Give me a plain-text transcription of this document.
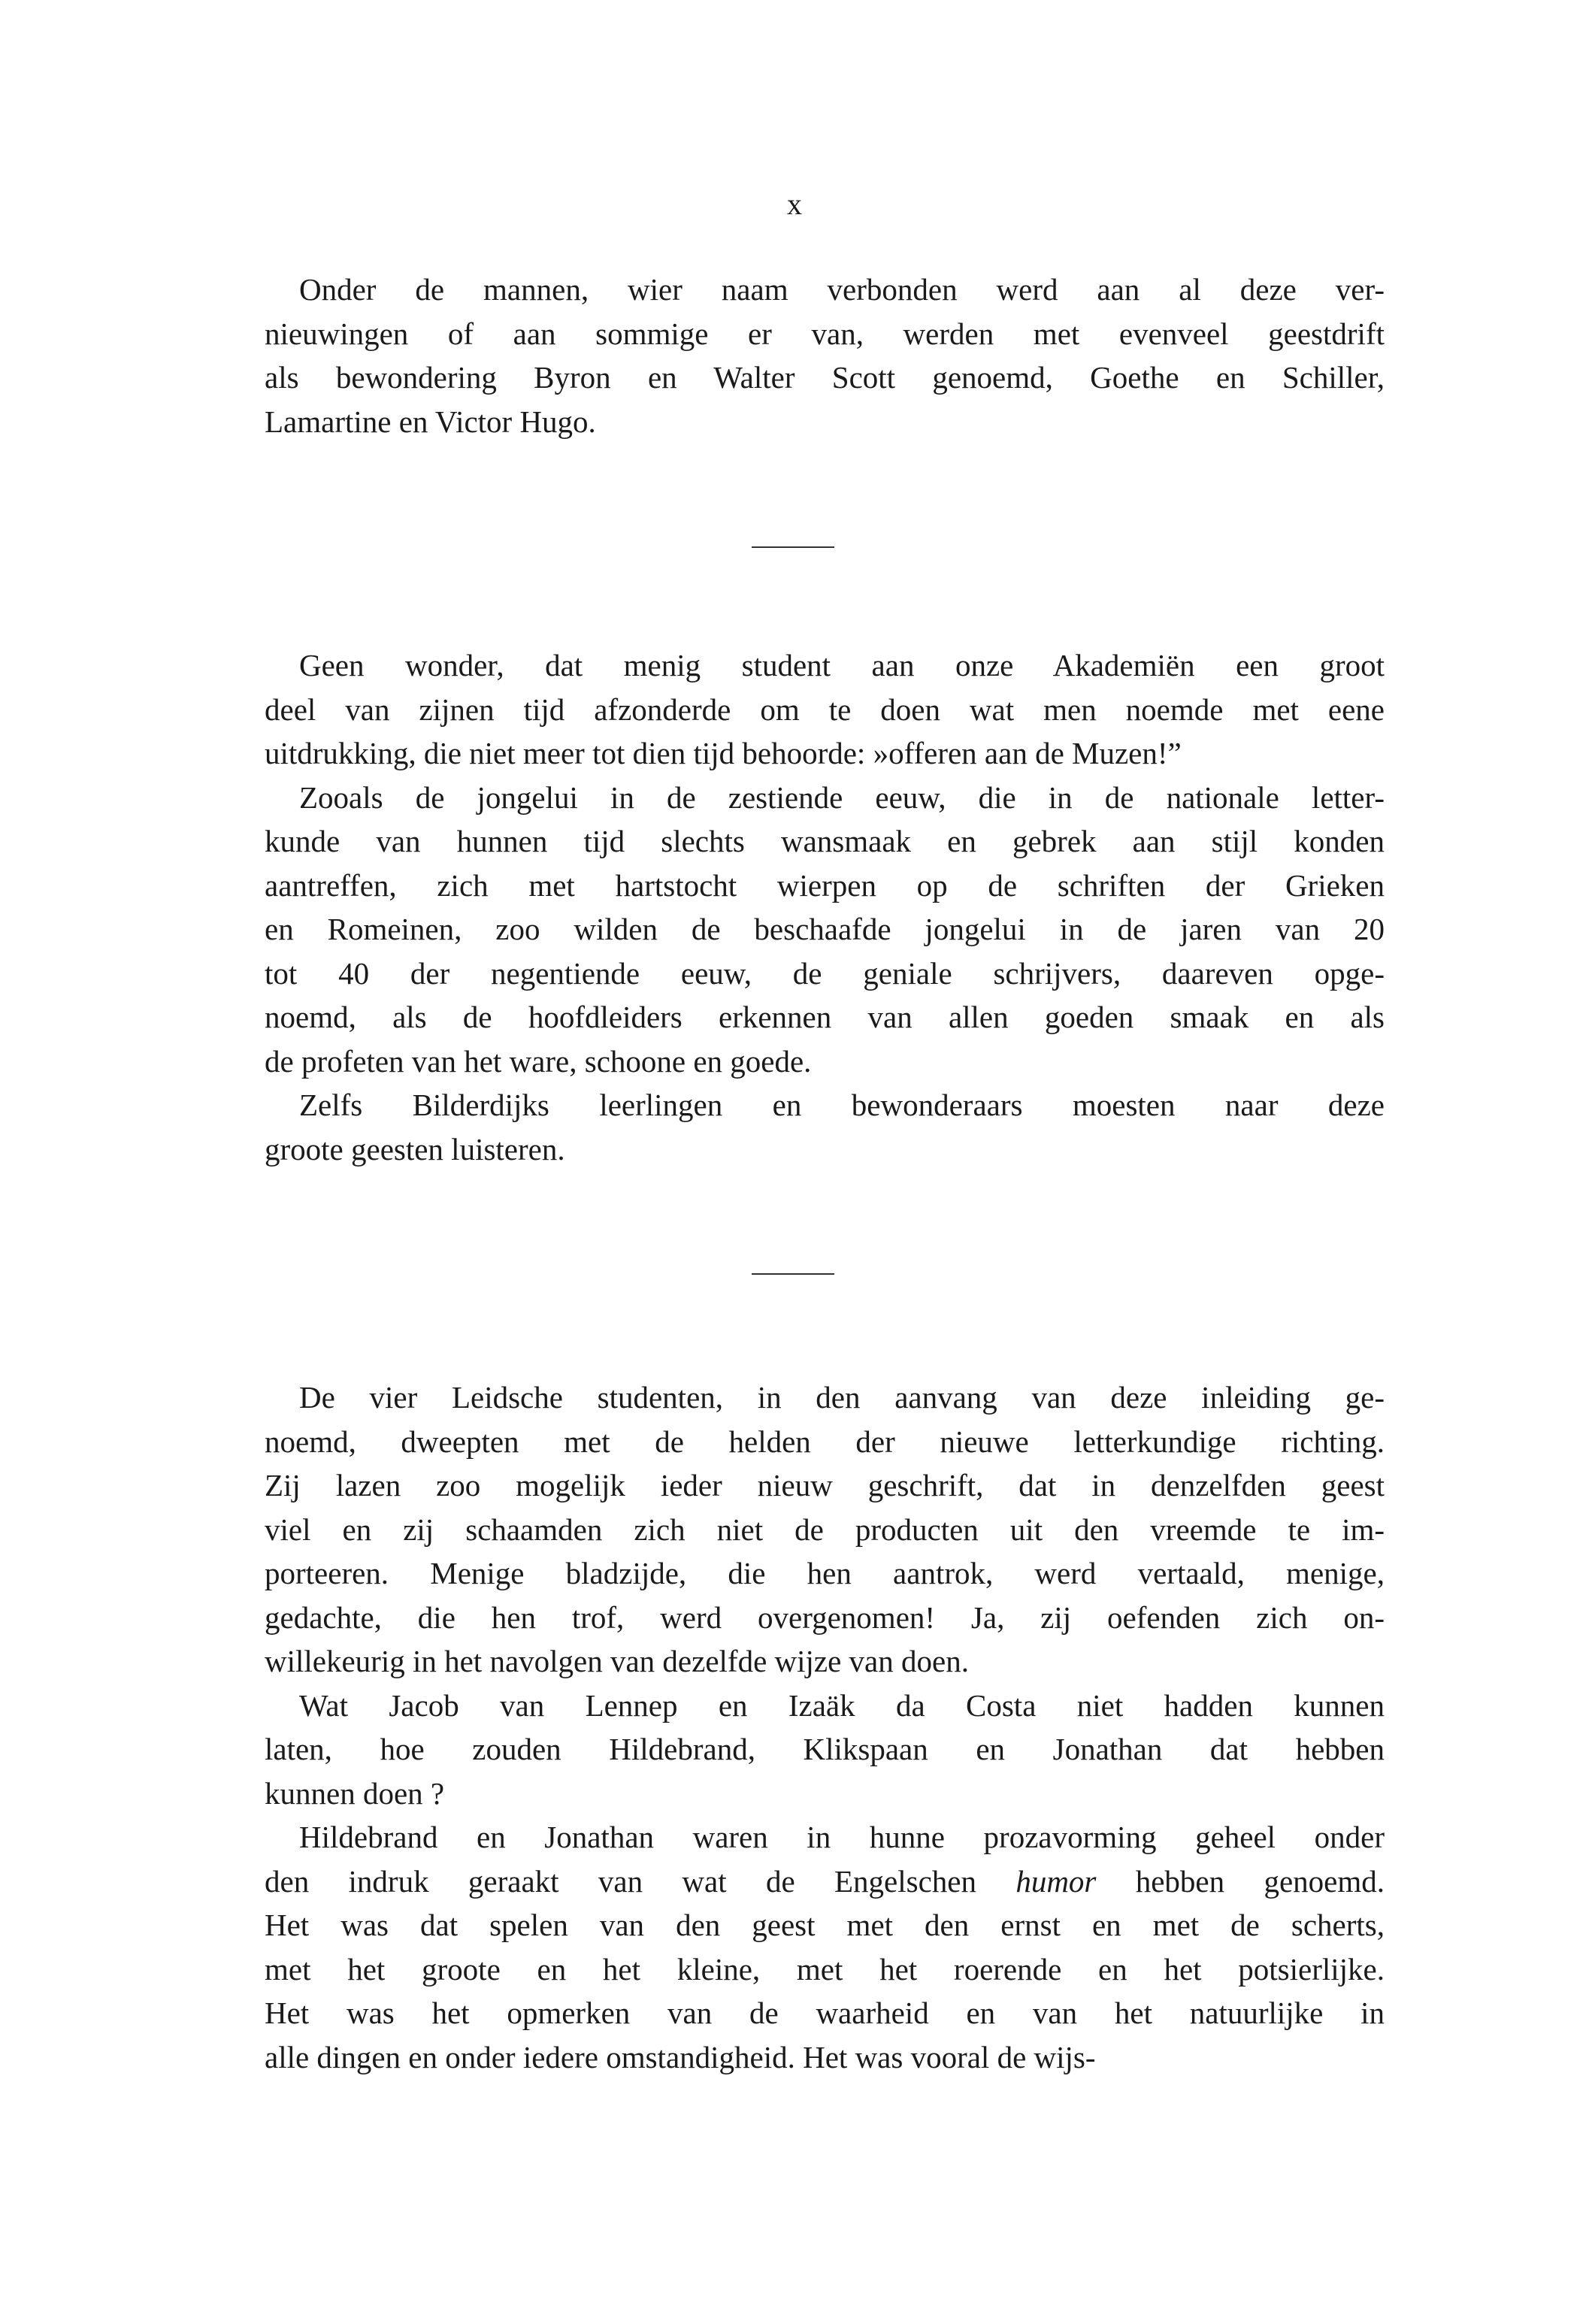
x
Onder de mannen, wier naam verbonden werd aan al deze ver-
nieuwingen of aan sommige er van, werden met evenveel geestdrift
als bewondering Byron en Walter Scott genoemd, Goethe en Schiller,
Lamartine en Victor Hugo.
Geen wonder, dat menig student aan onze Akademiën een groot
deel van zijnen tijd afzonderde om te doen wat men noemde met eene
uitdrukking, die niet meer tot dien tijd behoorde: »offeren aan de Muzen!”
Zooals de jongelui in de zestiende eeuw, die in de nationale letter-
kunde van hunnen tijd slechts wansmaak en gebrek aan stijl konden
aantreffen, zich met hartstocht wierpen op de schriften der Grieken
en Romeinen, zoo wilden de beschaafde jongelui in de jaren van 20
tot 40 der negentiende eeuw, de geniale schrijvers, daareven opge-
noemd, als de hoofdleiders erkennen van allen goeden smaak en als
de profeten van het ware, schoone en goede.
Zelfs Bilderdijks leerlingen en bewonderaars moesten naar deze
groote geesten luisteren.
De vier Leidsche studenten, in den aanvang van deze inleiding ge-
noemd, dweepten met de helden der nieuwe letterkundige richting.
Zij lazen zoo mogelijk ieder nieuw geschrift, dat in denzelfden geest
viel en zij schaamden zich niet de producten uit den vreemde te im-
porteeren. Menige bladzijde, die hen aantrok, werd vertaald, menige,
gedachte, die hen trof, werd overgenomen! Ja, zij oefenden zich on-
willekeurig in het navolgen van dezelfde wijze van doen.
Wat Jacob van Lennep en Izaäk da Costa niet hadden kunnen
laten, hoe zouden Hildebrand, Klikspaan en Jonathan dat hebben
kunnen doen ?
Hildebrand en Jonathan waren in hunne prozavorming geheel onder
den indruk geraakt van wat de Engelschen humor hebben genoemd.
Het was dat spelen van den geest met den ernst en met de scherts,
met het groote en het kleine, met het roerende en het potsierlijke.
Het was het opmerken van de waarheid en van het natuurlijke in
alle dingen en onder iedere omstandigheid. Het was vooral de wijs-
